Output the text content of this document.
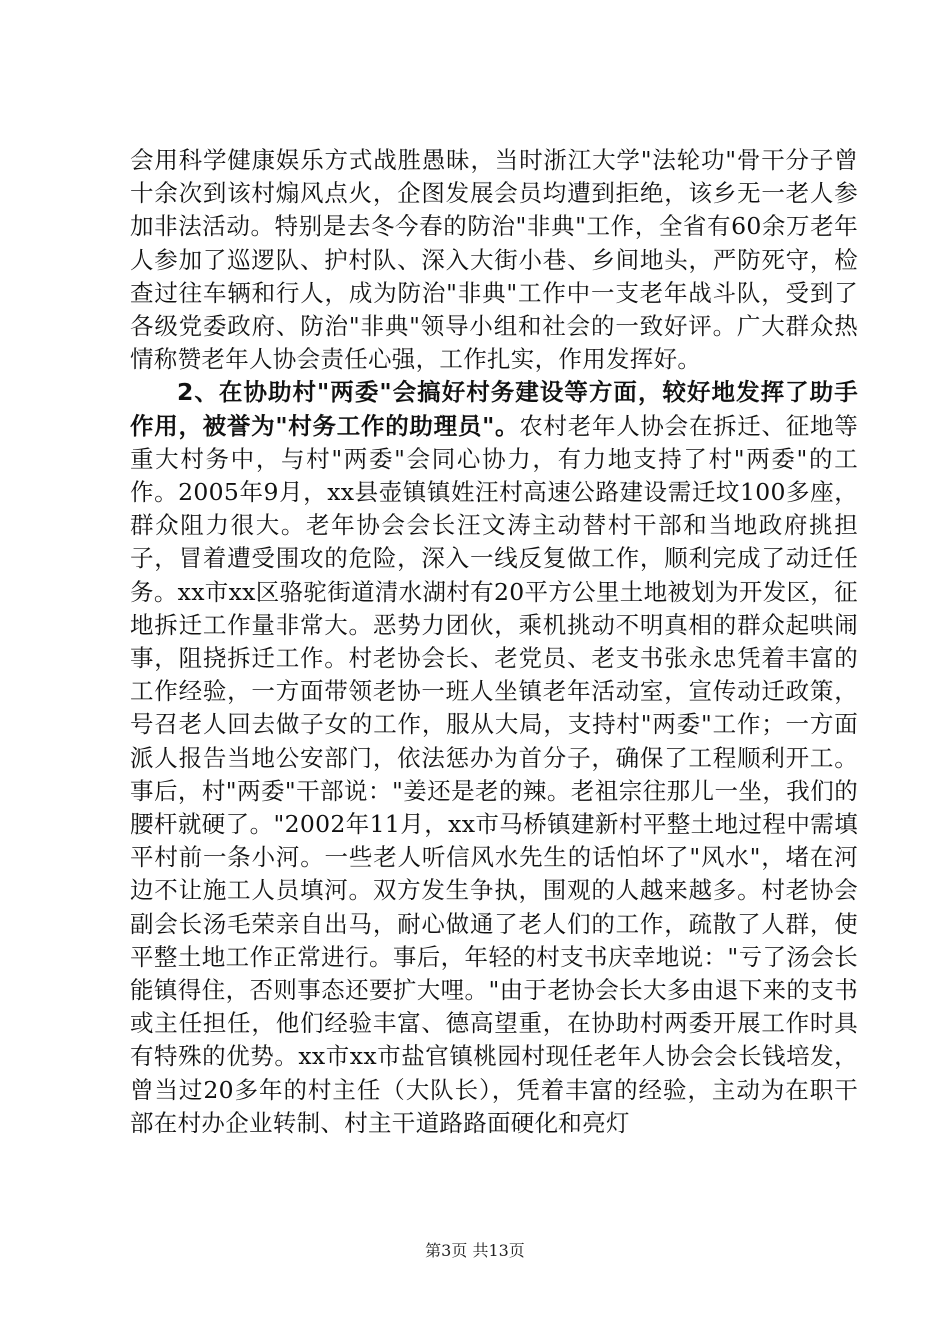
会用科学健康娱乐方式战胜愚昧，当时浙江大学"法轮功"骨干分子曾十余次到该村煽风点火，企图发展会员均遭到拒绝，该乡无一老人参加非法活动。特别是去冬今春的防治"非典"工作，全省有60余万老年人参加了巡逻队、护村队、深入大街小巷、乡间地头，严防死守，检查过往车辆和行人，成为防治"非典"工作中一支老年战斗队，受到了各级党委政府、防治"非典"领导小组和社会的一致好评。广大群众热情称赞老年人协会责任心强，工作扎实，作用发挥好。

2、在协助村"两委"会搞好村务建设等方面，较好地发挥了助手作用，被誉为"村务工作的助理员"。农村老年人协会在拆迁、征地等重大村务中，与村"两委"会同心协力，有力地支持了村"两委"的工作。2005年9月，xx县壶镇镇姓汪村高速公路建设需迁坟100多座，群众阻力很大。老年协会会长汪文涛主动替村干部和当地政府挑担子，冒着遭受围攻的危险，深入一线反复做工作，顺利完成了动迁任务。xx市xx区骆驼街道清水湖村有20平方公里土地被划为开发区，征地拆迁工作量非常大。恶势力团伙，乘机挑动不明真相的群众起哄闹事，阻挠拆迁工作。村老协会长、老党员、老支书张永忠凭着丰富的工作经验，一方面带领老协一班人坐镇老年活动室，宣传动迁政策，号召老人回去做子女的工作，服从大局，支持村"两委"工作；一方面派人报告当地公安部门，依法惩办为首分子，确保了工程顺利开工。事后，村"两委"干部说："姜还是老的辣。老祖宗往那儿一坐，我们的腰杆就硬了。"2002年11月，xx市马桥镇建新村平整土地过程中需填平村前一条小河。一些老人听信风水先生的话怕坏了"风水"，堵在河边不让施工人员填河。双方发生争执，围观的人越来越多。村老协会副会长汤毛荣亲自出马，耐心做通了老人们的工作，疏散了人群，使平整土地工作正常进行。事后，年轻的村支书庆幸地说："亏了汤会长能镇得住，否则事态还要扩大哩。"由于老协会长大多由退下来的支书或主任担任，他们经验丰富、德高望重，在协助村两委开展工作时具有特殊的优势。xx市xx市盐官镇桃园村现任老年人协会会长钱培发，曾当过20多年的村主任（大队长），凭着丰富的经验，主动为在职干部在村办企业转制、村主干道路路面硬化和亮灯

第3页 共13页
